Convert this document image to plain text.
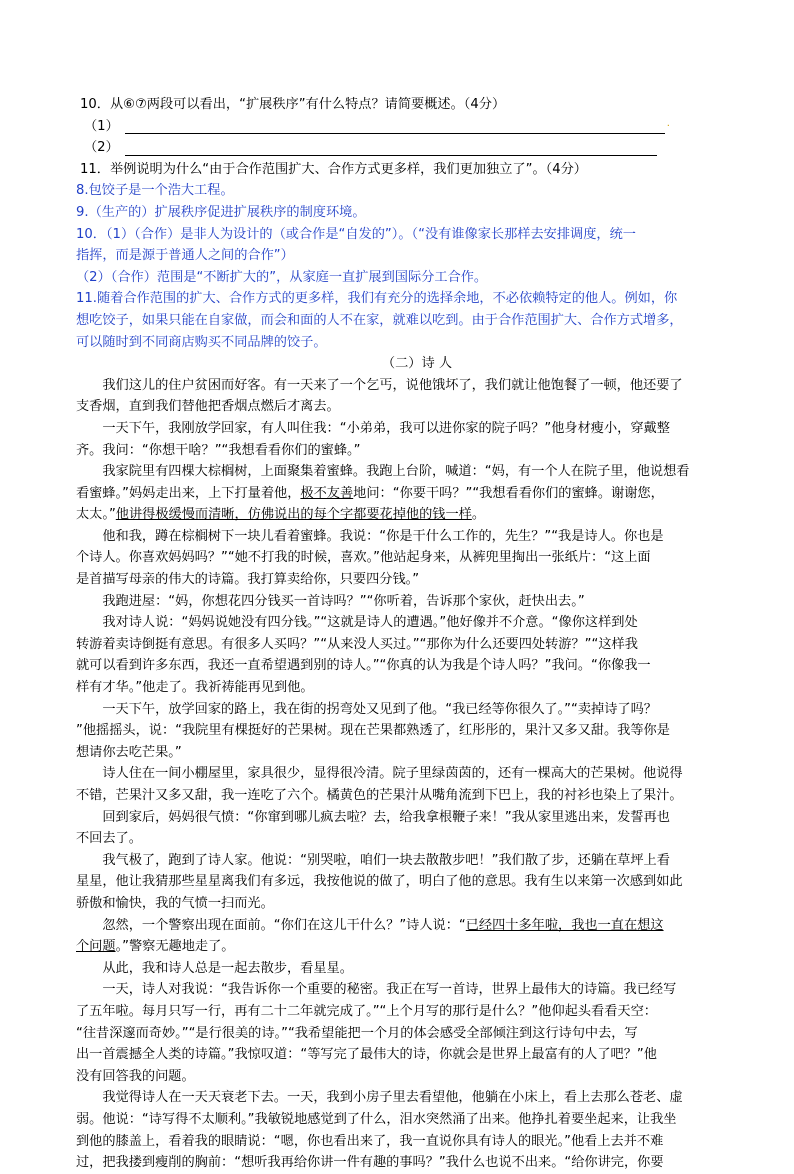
10．从⑥⑦两段可以看出，“扩展秩序”有什么特点？请简要概述。（4分）
（1）	·
（2）
11．举例说明为什么“由于合作范围扩大、合作方式更多样，我们更加独立了”。（4分）
8.包饺子是一个浩大工程。
9.（生产的）扩展秩序促进扩展秩序的制度环境。
10．（1）（合作）是非人为设计的（或合作是“自发的”）。（“没有谁像家长那样去安排调度，统一
指挥，而是源于普通人之间的合作”）
（2）（合作）范围是“不断扩大的”，从家庭一直扩展到国际分工合作。
11.随着合作范围的扩大、合作方式的更多样，我们有充分的选择余地，不必依赖特定的他人。例如，你
想吃饺子，如果只能在自家做，而会和面的人不在家，就难以吃到。由于合作范围扩大、合作方式增多，
可以随时到不同商店购买不同品牌的饺子。
（二）诗 人
　　我们这儿的住户贫困而好客。有一天来了一个乞丐，说他饿坏了，我们就让他饱餐了一顿，他还要了
支香烟，直到我们替他把香烟点燃后才离去。
　　一天下午，我刚放学回家，有人叫住我：“小弟弟，我可以进你家的院子吗？”他身材瘦小，穿戴整
齐。我问：“你想干啥？”“我想看看你们的蜜蜂。”
　　我家院里有四棵大棕榈树，上面聚集着蜜蜂。我跑上台阶，喊道：“妈，有一个人在院子里，他说想看
看蜜蜂。”妈妈走出来，上下打量着他，极不友善地问：“你要干吗？”“我想看看你们的蜜蜂。谢谢您，
太太。”他讲得极缓慢而清晰，仿佛说出的每个字都要花掉他的钱一样。
　　他和我，蹲在棕榈树下一块儿看着蜜蜂。我说：“你是干什么工作的，先生？”“我是诗人。你也是
个诗人。你喜欢妈妈吗？”“她不打我的时候，喜欢。”他站起身来，从裤兜里掏出一张纸片：“这上面
是首描写母亲的伟大的诗篇。我打算卖给你，只要四分钱。”
　　我跑进屋：“妈，你想花四分钱买一首诗吗？”“你听着，告诉那个家伙，赶快出去。”
　　我对诗人说：“妈妈说她没有四分钱。”“这就是诗人的遭遇。”他好像并不介意。“像你这样到处
转游着卖诗倒挺有意思。有很多人买吗？”“从来没人买过。”“那你为什么还要四处转游？”“这样我
就可以看到许多东西，我还一直希望遇到别的诗人。”“你真的认为我是个诗人吗？”我问。“你像我一
样有才华。”他走了。我祈祷能再见到他。
　　一天下午，放学回家的路上，我在街的拐弯处又见到了他。“我已经等你很久了。”“卖掉诗了吗？
”他摇摇头，说：“我院里有棵挺好的芒果树。现在芒果都熟透了，红彤彤的，果汁又多又甜。我等你是
想请你去吃芒果。”
　　诗人住在一间小棚屋里，家具很少，显得很冷清。院子里绿茵茵的，还有一棵高大的芒果树。他说得
不错，芒果汁又多又甜，我一连吃了六个。橘黄色的芒果汁从嘴角流到下巴上，我的衬衫也染上了果汁。
　　回到家后，妈妈很气愤：“你窜到哪儿疯去啦？去，给我拿根鞭子来！”我从家里逃出来，发誓再也
不回去了。
　　我气极了，跑到了诗人家。他说：“别哭啦，咱们一块去散散步吧！”我们散了步，还躺在草坪上看
星星，他让我猜那些星星离我们有多远，我按他说的做了，明白了他的意思。我有生以来第一次感到如此
骄傲和愉快，我的气愤一扫而光。
　　忽然，一个警察出现在面前。“你们在这儿干什么？”诗人说：“已经四十多年啦，我也一直在想这
个问题。”警察无趣地走了。
　　从此，我和诗人总是一起去散步，看星星。
　　一天，诗人对我说：“我告诉你一个重要的秘密。我正在写一首诗，世界上最伟大的诗篇。我已经写
了五年啦。每月只写一行，再有二十二年就完成了。”“上个月写的那行是什么？”他仰起头看看天空：
“往昔深邃而奇妙。”“是行很美的诗。”“我希望能把一个月的体会感受全部倾注到这行诗句中去，写
出一首震撼全人类的诗篇。”我惊叹道：“等写完了最伟大的诗，你就会是世界上最富有的人了吧？”他
没有回答我的问题。
　　我觉得诗人在一天天衰老下去。一天，我到小房子里去看望他，他躺在小床上，看上去那么苍老、虚
弱。他说：“诗写得不太顺利。”我敏锐地感觉到了什么，泪水突然涌了出来。他挣扎着要坐起来，让我坐
到他的膝盖上，看着我的眼睛说：“嗯，你也看出来了，我一直说你具有诗人的眼光。”他看上去并不难
过，把我搂到瘦削的胸前：“想听我再给你讲一件有趣的事吗？”我什么也说不出来。“给你讲完，你要
